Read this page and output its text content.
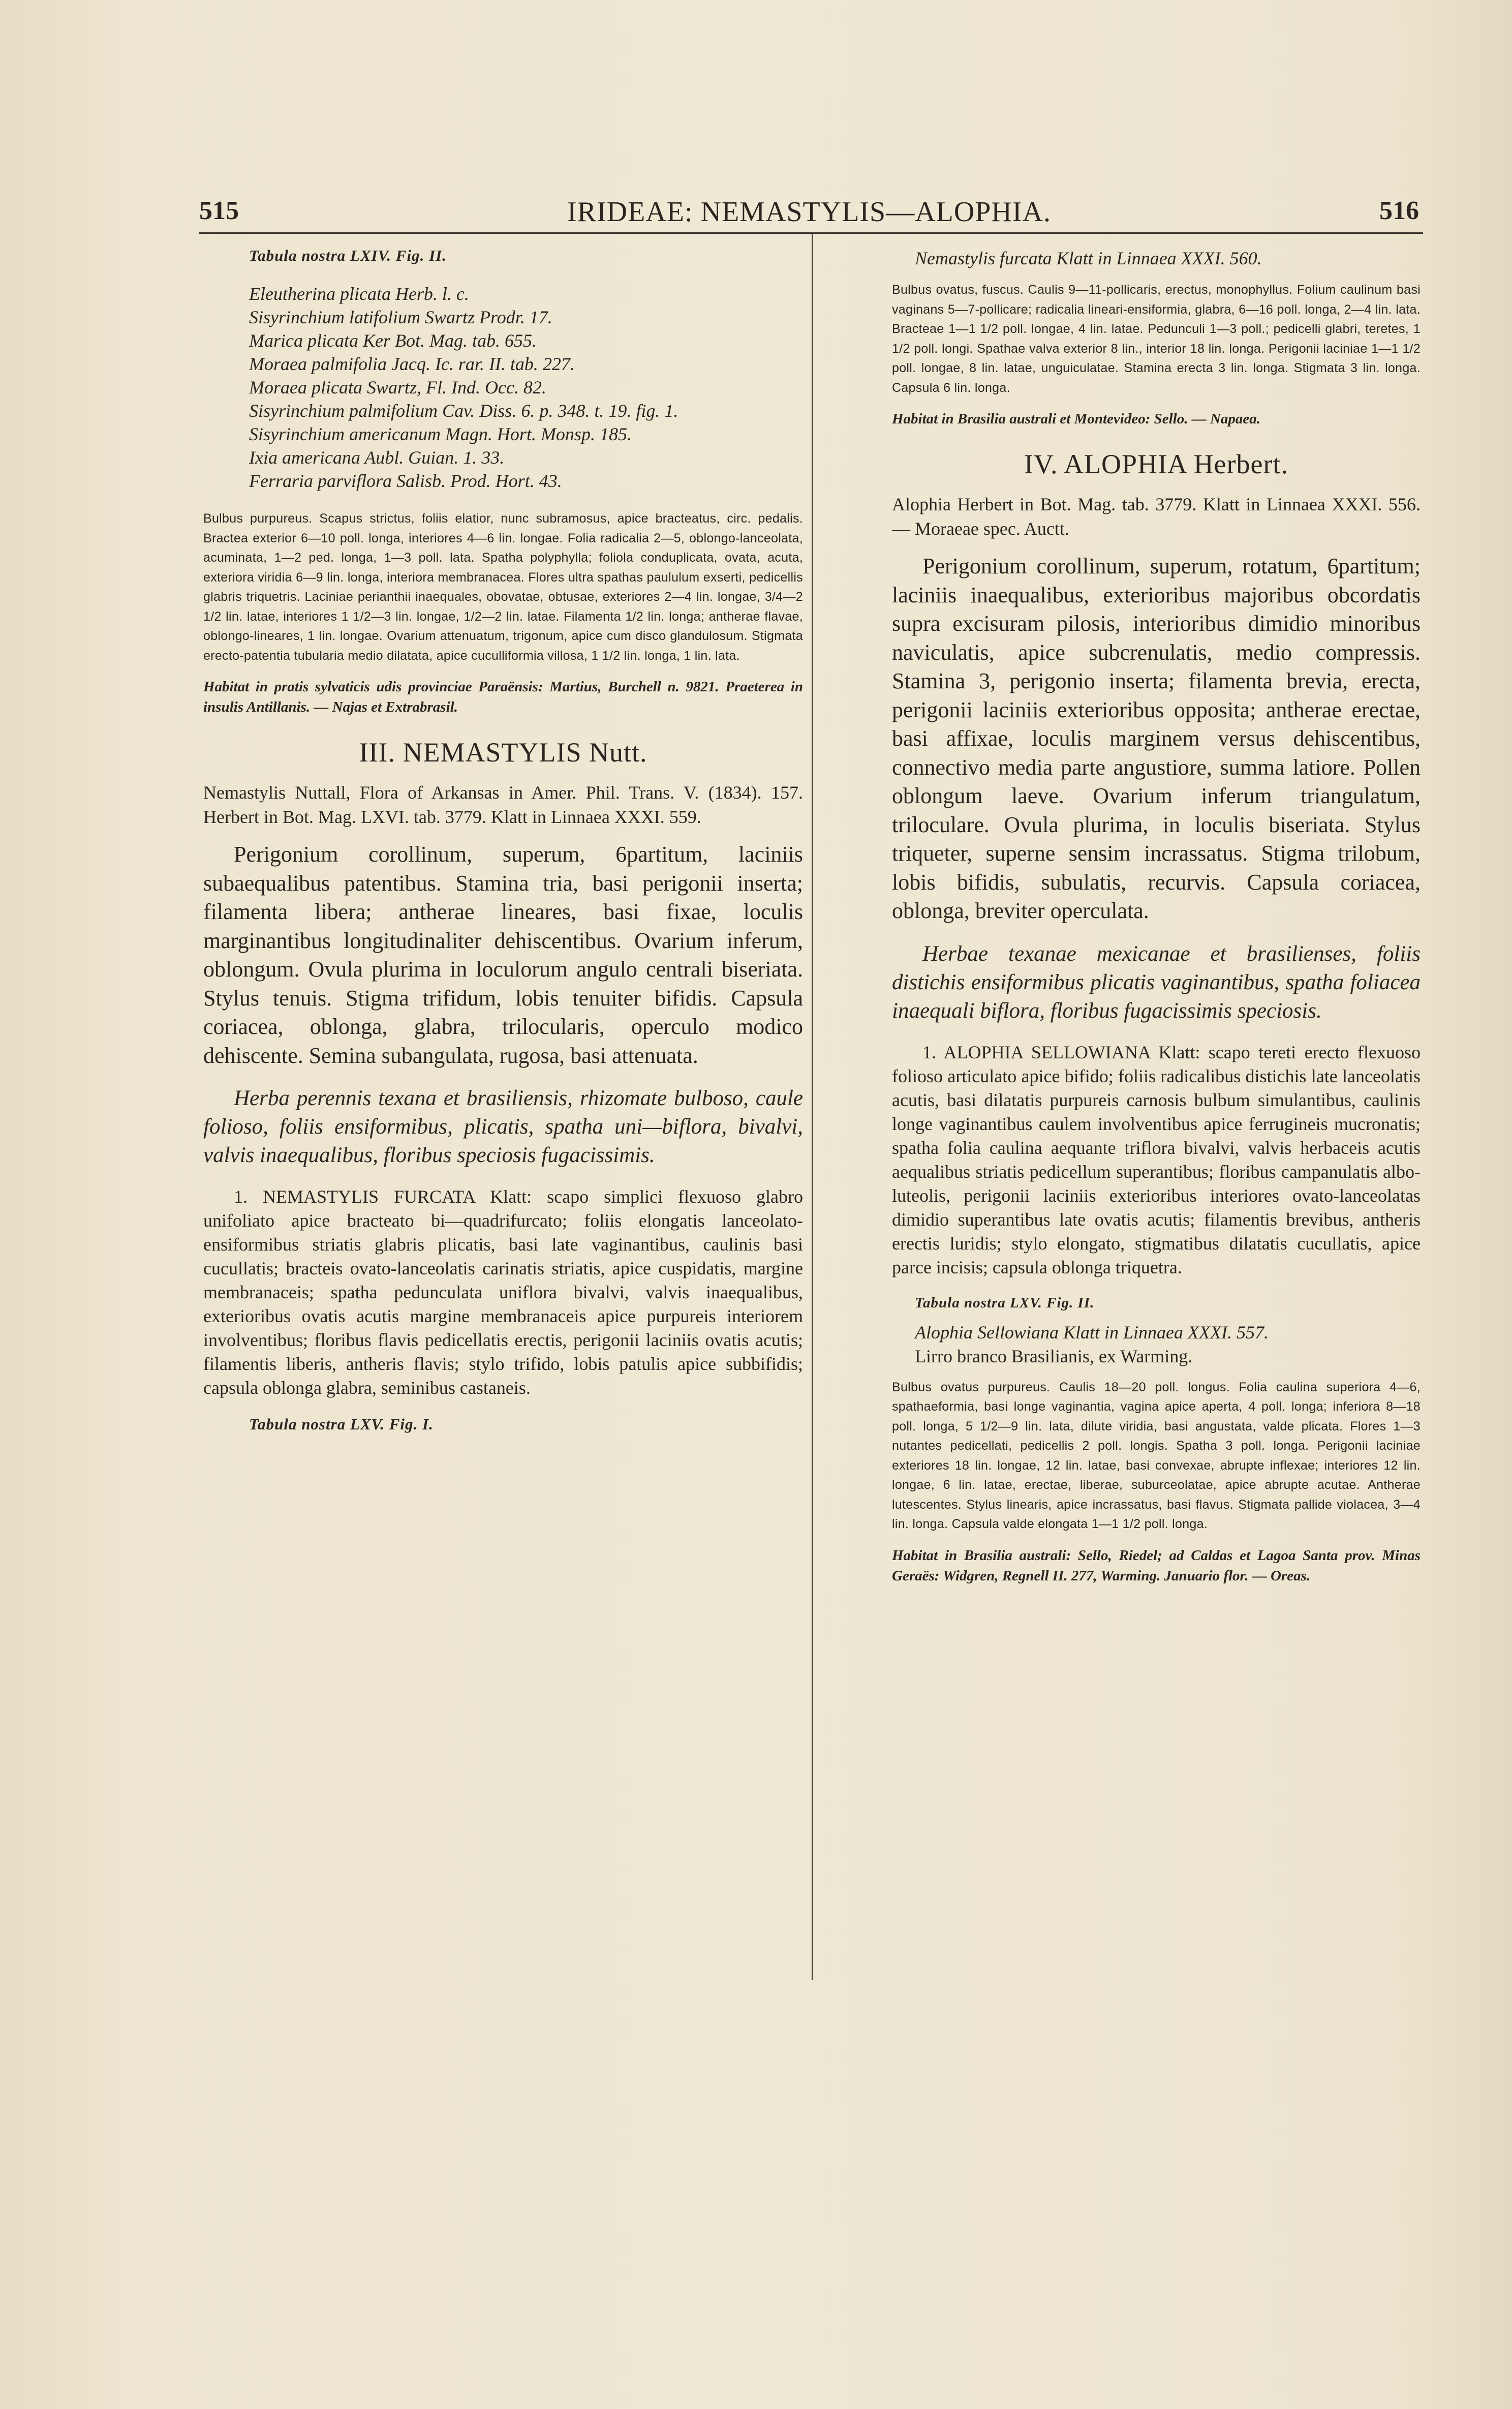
515	IRIDEAE: NEMASTYLIS—ALOPHIA.	516
Tabula nostra LXIV. Fig. II.
Eleutherina plicata Herb. l. c.
Sisyrinchium latifolium Swartz Prodr. 17.
Marica plicata Ker Bot. Mag. tab. 655.
Moraea palmifolia Jacq. Ic. rar. II. tab. 227.
Moraea plicata Swartz, Fl. Ind. Occ. 82.
Sisyrinchium palmifolium Cav. Diss. 6. p. 348. t. 19. fig. 1.
Sisyrinchium americanum Magn. Hort. Monsp. 185.
Ixia americana Aubl. Guian. 1. 33.
Ferraria parviflora Salisb. Prod. Hort. 43.

Bulbus purpureus. Scapus strictus, foliis elatior, nunc subramosus, apice bracteatus, circ. pedalis. Bractea exterior 6—10 poll. longa, interiores 4—6 lin. longae. Folia radicalia 2—5, oblongo-lanceolata, acuminata, 1—2 ped. longa, 1—3 poll. lata. Spatha polyphylla; foliola conduplicata, ovata, acuta, exteriora viridia 6—9 lin. longa, interiora membranacea. Flores ultra spathas paululum exserti, pedicellis glabris triquetris. Laciniae perianthii inaequales, obovatae, obtusae, exteriores 2—4 lin. longae, 3/4—2 1/2 lin. latae, interiores 1 1/2—3 lin. longae, 1/2—2 lin. latae. Filamenta 1/2 lin. longa; antherae flavae, oblongo-lineares, 1 lin. longae. Ovarium attenuatum, trigonum, apice cum disco glandulosum. Stigmata erecto-patentia tubularia medio dilatata, apice cuculliformia villosa, 1 1/2 lin. longa, 1 lin. lata.

Habitat in pratis sylvaticis udis provinciae Paraënsis: Martius, Burchell n. 9821. Praeterea in insulis Antillanis. — Najas et Extrabrasil.

III. NEMASTYLIS Nutt.

Nemastylis Nuttall, Flora of Arkansas in Amer. Phil. Trans. V. (1834). 157. Herbert in Bot. Mag. LXVI. tab. 3779. Klatt in Linnaea XXXI. 559.

Perigonium corollinum, superum, 6partitum, laciniis subaequalibus patentibus. Stamina tria, basi perigonii inserta; filamenta libera; antherae lineares, basi fixae, loculis marginantibus longitudinaliter dehiscentibus. Ovarium inferum, oblongum. Ovula plurima in loculorum angulo centrali biseriata. Stylus tenuis. Stigma trifidum, lobis tenuiter bifidis. Capsula coriacea, oblonga, glabra, trilocularis, operculo modico dehiscente. Semina subangulata, rugosa, basi attenuata.

Herba perennis texana et brasiliensis, rhizomate bulboso, caule folioso, foliis ensiformibus, plicatis, spatha uni—biflora, bivalvi, valvis inaequalibus, floribus speciosis fugacissimis.

1. NEMASTYLIS FURCATA Klatt: scapo simplici flexuoso glabro unifoliato apice bracteato bi—quadrifurcato; foliis elongatis lanceolato-ensiformibus striatis glabris plicatis, basi late vaginantibus, caulinis basi cucullatis; bracteis ovato-lanceolatis carinatis striatis, apice cuspidatis, margine membranaceis; spatha pedunculata uniflora bivalvi, valvis inaequalibus, exterioribus ovatis acutis margine membranaceis apice purpureis interiorem involventibus; floribus flavis pedicellatis erectis, perigonii laciniis ovatis acutis; filamentis liberis, antheris flavis; stylo trifido, lobis patulis apice subbifidis; capsula oblonga glabra, seminibus castaneis.

Tabula nostra LXV. Fig. I.
Nemastylis furcata Klatt in Linnaea XXXI. 560.

Bulbus ovatus, fuscus. Caulis 9—11-pollicaris, erectus, monophyllus. Folium caulinum basi vaginans 5—7-pollicare; radicalia lineari-ensiformia, glabra, 6—16 poll. longa, 2—4 lin. lata. Bracteae 1—1 1/2 poll. longae, 4 lin. latae. Pedunculi 1—3 poll.; pedicelli glabri, teretes, 1 1/2 poll. longi. Spathae valva exterior 8 lin., interior 18 lin. longa. Perigonii laciniae 1—1 1/2 poll. longae, 8 lin. latae, unguiculatae. Stamina erecta 3 lin. longa. Stigmata 3 lin. longa. Capsula 6 lin. longa.

Habitat in Brasilia australi et Montevideo: Sello. — Napaea.

IV. ALOPHIA Herbert.

Alophia Herbert in Bot. Mag. tab. 3779. Klatt in Linnaea XXXI. 556. — Moraeae spec. Auctt.

Perigonium corollinum, superum, rotatum, 6partitum; laciniis inaequalibus, exterioribus majoribus obcordatis supra excisuram pilosis, interioribus dimidio minoribus naviculatis, apice subcrenulatis, medio compressis. Stamina 3, perigonio inserta; filamenta brevia, erecta, perigonii laciniis exterioribus opposita; antherae erectae, basi affixae, loculis marginem versus dehiscentibus, connectivo media parte angustiore, summa latiore. Pollen oblongum laeve. Ovarium inferum triangulatum, triloculare. Ovula plurima, in loculis biseriata. Stylus triqueter, superne sensim incrassatus. Stigma trilobum, lobis bifidis, subulatis, recurvis. Capsula coriacea, oblonga, breviter operculata.

Herbae texanae mexicanae et brasilienses, foliis distichis ensiformibus plicatis vaginantibus, spatha foliacea inaequali biflora, floribus fugacissimis speciosis.

1. ALOPHIA SELLOWIANA Klatt: scapo tereti erecto flexuoso folioso articulato apice bifido; foliis radicalibus distichis late lanceolatis acutis, basi dilatatis purpureis carnosis bulbum simulantibus, caulinis longe vaginantibus caulem involventibus apice ferrugineis mucronatis; spatha folia caulina aequante triflora bivalvi, valvis herbaceis acutis aequalibus striatis pedicellum superantibus; floribus campanulatis albo-luteolis, perigonii laciniis exterioribus interiores ovato-lanceolatas dimidio superantibus late ovatis acutis; filamentis brevibus, antheris erectis luridis; stylo elongato, stigmatibus dilatatis cucullatis, apice parce incisis; capsula oblonga triquetra.

Tabula nostra LXV. Fig. II.
Alophia Sellowiana Klatt in Linnaea XXXI. 557.
Lirro branco Brasilianis, ex Warming.

Bulbus ovatus purpureus. Caulis 18—20 poll. longus. Folia caulina superiora 4—6, spathaeformia, basi longe vaginantia, vagina apice aperta, 4 poll. longa; inferiora 8—18 poll. longa, 5 1/2—9 lin. lata, dilute viridia, basi angustata, valde plicata. Flores 1—3 nutantes pedicellati, pedicellis 2 poll. longis. Spatha 3 poll. longa. Perigonii laciniae exteriores 18 lin. longae, 12 lin. latae, basi convexae, abrupte inflexae; interiores 12 lin. longae, 6 lin. latae, erectae, liberae, suburceolatae, apice abrupte acutae. Antherae lutescentes. Stylus linearis, apice incrassatus, basi flavus. Stigmata pallide violacea, 3—4 lin. longa. Capsula valde elongata 1—1 1/2 poll. longa.

Habitat in Brasilia australi: Sello, Riedel; ad Caldas et Lagoa Santa prov. Minas Geraës: Widgren, Regnell II. 277, Warming. Januario flor. — Oreas.
